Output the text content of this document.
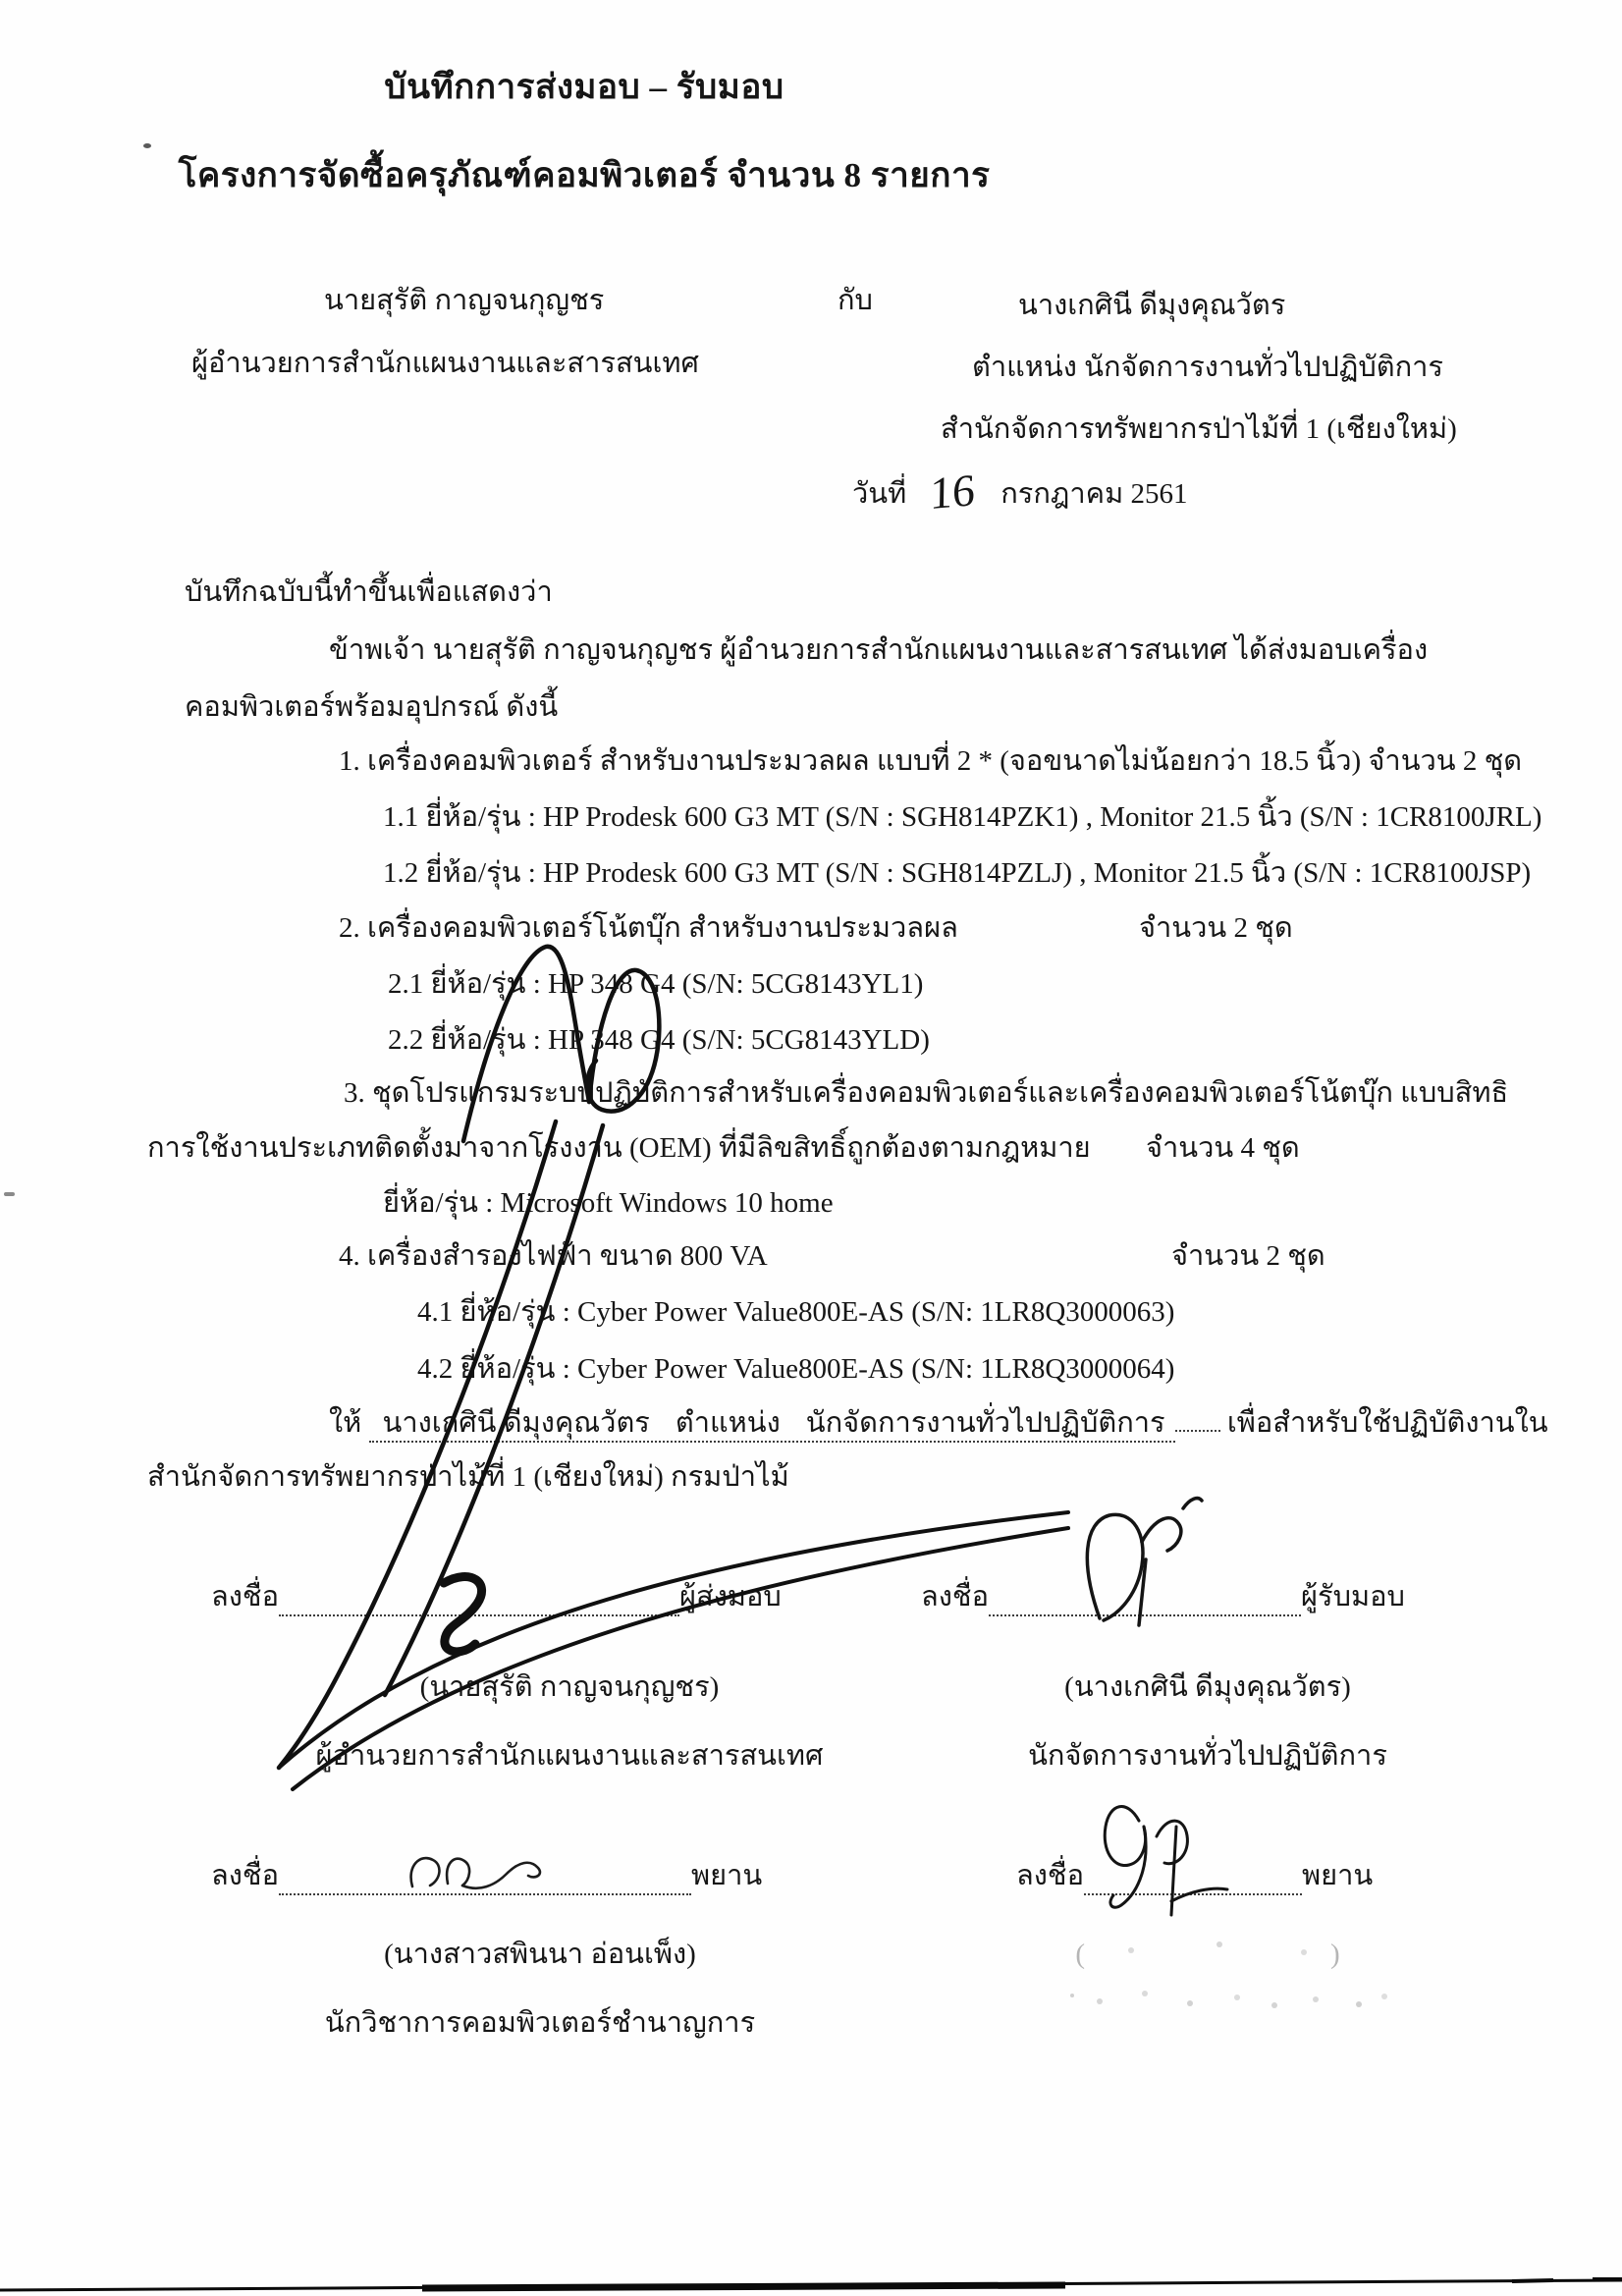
บันทึกการส่งมอบ – รับมอบ
โครงการจัดซื้อครุภัณฑ์คอมพิวเตอร์ จำนวน 8 รายการ
นายสุรัติ กาญจนกุญชร	กับ	นางเกศินี ดีมุงคุณวัตร
ผู้อำนวยการสำนักแผนงานและสารสนเทศ	ตำแหน่ง นักจัดการงานทั่วไปปฏิบัติการ
สำนักจัดการทรัพยากรป่าไม้ที่ 1 (เชียงใหม่)
วันที่ 16 กรกฎาคม 2561
บันทึกฉบับนี้ทำขึ้นเพื่อแสดงว่า
ข้าพเจ้า นายสุรัติ กาญจนกุญชร ผู้อำนวยการสำนักแผนงานและสารสนเทศ ได้ส่งมอบเครื่อง
คอมพิวเตอร์พร้อมอุปกรณ์ ดังนี้
1. เครื่องคอมพิวเตอร์ สำหรับงานประมวลผล แบบที่ 2 * (จอขนาดไม่น้อยกว่า 18.5 นิ้ว) จำนวน 2 ชุด
1.1 ยี่ห้อ/รุ่น : HP Prodesk 600 G3 MT (S/N : SGH814PZK1) , Monitor 21.5 นิ้ว (S/N : 1CR8100JRL)
1.2 ยี่ห้อ/รุ่น : HP Prodesk 600 G3 MT (S/N : SGH814PZLJ) , Monitor 21.5 นิ้ว (S/N : 1CR8100JSP)
2. เครื่องคอมพิวเตอร์โน้ตบุ๊ก สำหรับงานประมวลผล	จำนวน 2 ชุด
2.1 ยี่ห้อ/รุ่น : HP 348 G4 (S/N: 5CG8143YL1)
2.2 ยี่ห้อ/รุ่น : HP 348 G4 (S/N: 5CG8143YLD)
3. ชุดโปรแกรมระบบปฏิบัติการสำหรับเครื่องคอมพิวเตอร์และเครื่องคอมพิวเตอร์โน้ตบุ๊ก แบบสิทธิ
การใช้งานประเภทติดตั้งมาจากโรงงาน (OEM) ที่มีลิขสิทธิ์ถูกต้องตามกฎหมาย จำนวน 4 ชุด
ยี่ห้อ/รุ่น : Microsoft Windows 10 home
4. เครื่องสำรองไฟฟ้า ขนาด 800 VA	จำนวน 2 ชุด
4.1 ยี่ห้อ/รุ่น : Cyber Power Value800E-AS (S/N: 1LR8Q3000063)
4.2 ยี่ห้อ/รุ่น : Cyber Power Value800E-AS (S/N: 1LR8Q3000064)
ให้ นางเกศินี ดีมุงคุณวัตร ตำแหน่ง นักจัดการงานทั่วไปปฏิบัติการ เพื่อสำหรับใช้ปฏิบัติงานใน
สำนักจัดการทรัพยากรป่าไม้ที่ 1 (เชียงใหม่) กรมป่าไม้
ลงชื่อ	ผู้ส่งมอบ	ลงชื่อ	ผู้รับมอบ
(นายสุรัติ กาญจนกุญชร)	(นางเกศินี ดีมุงคุณวัตร)
ผู้อำนวยการสำนักแผนงานและสารสนเทศ	นักจัดการงานทั่วไปปฏิบัติการ
ลงชื่อ	พยาน	ลงชื่อ	พยาน
(นางสาวสพินนา อ่อนเพ็ง)
นักวิชาการคอมพิวเตอร์ชำนาญการ
(	)
